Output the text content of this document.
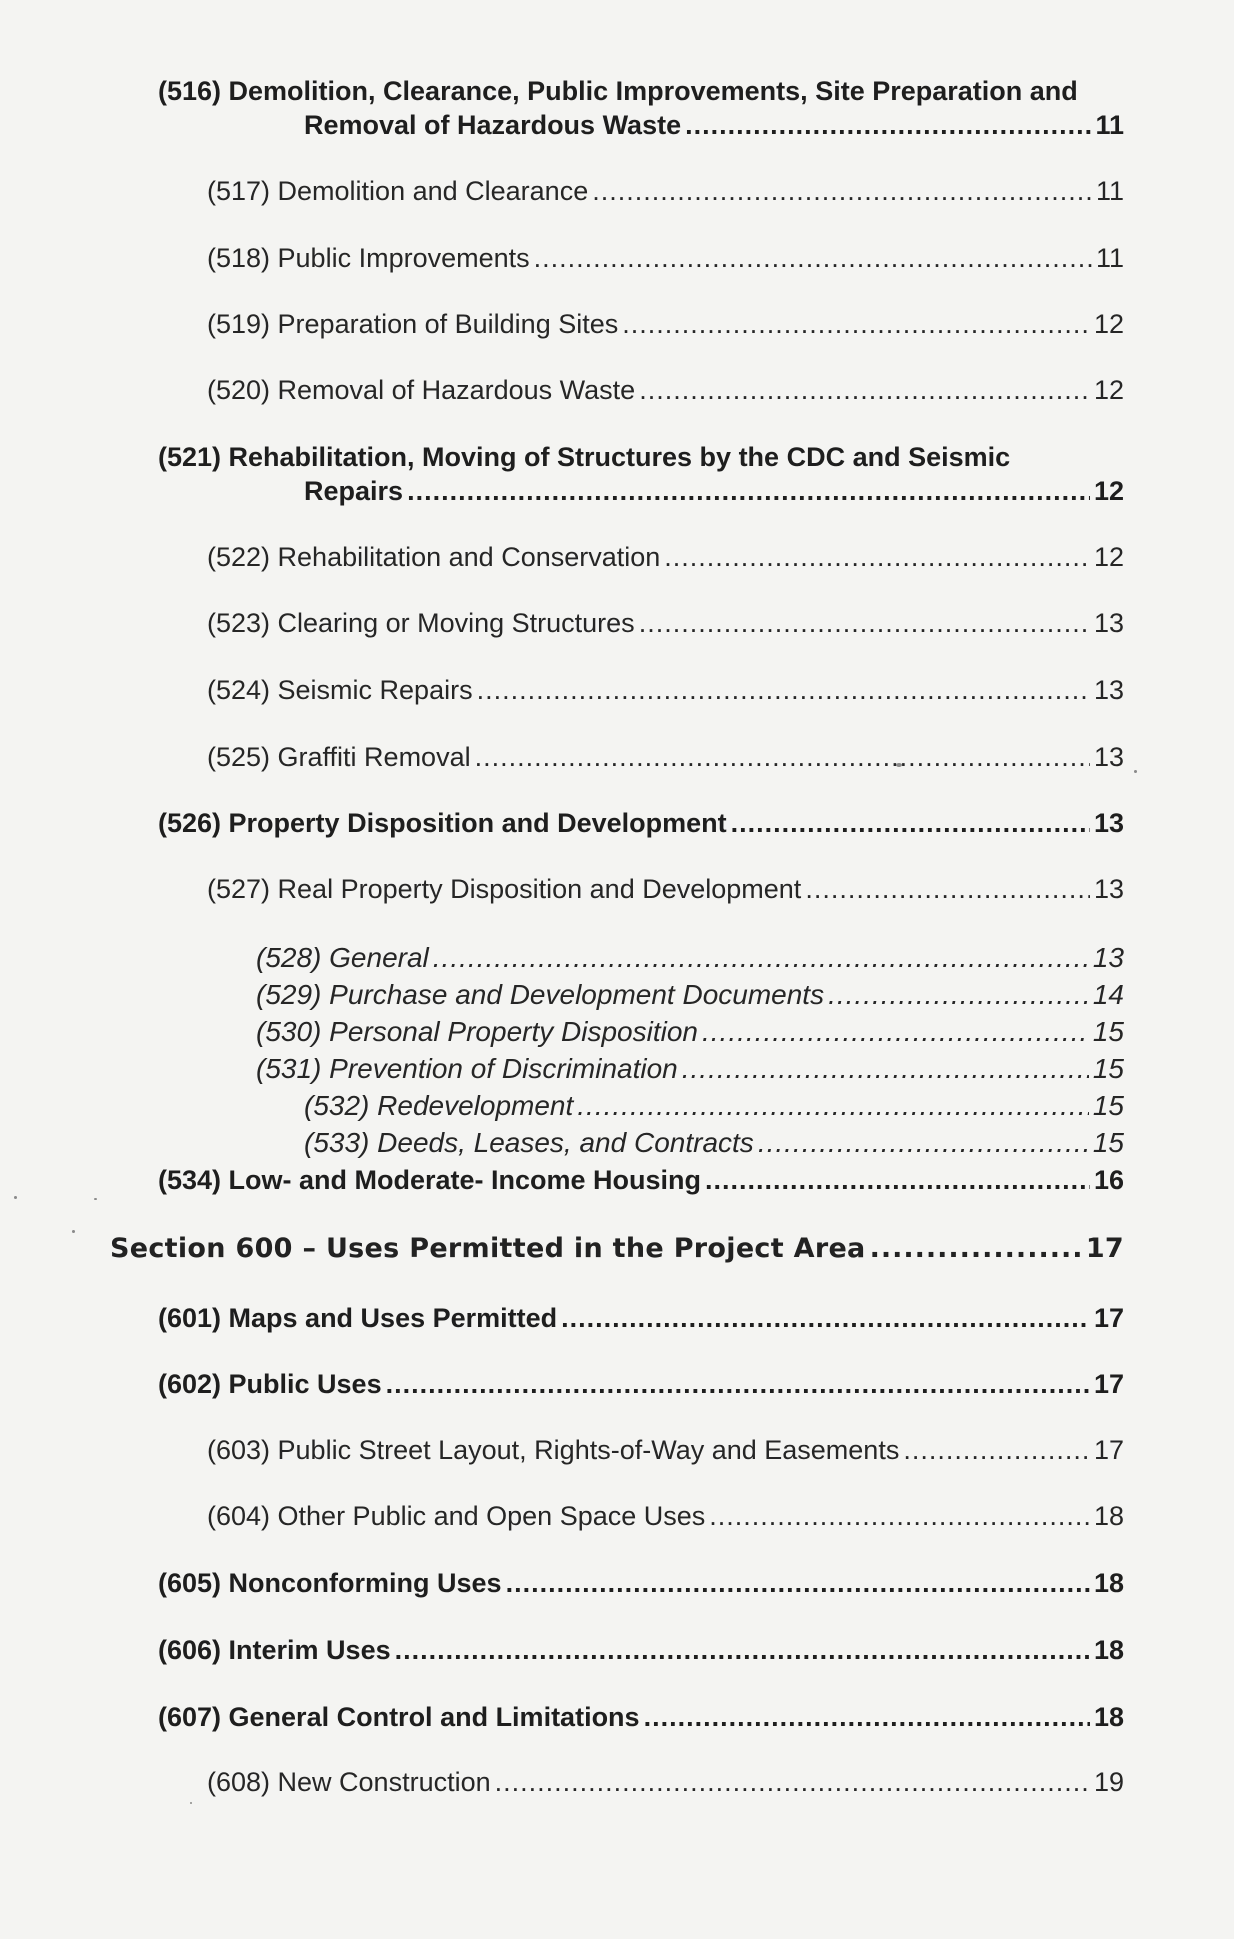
(516) Demolition, Clearance, Public Improvements, Site Preparation and
Removal of Hazardous Waste .....	11
(517) Demolition and Clearance .....	11
(518) Public Improvements .....	11
(519) Preparation of Building Sites .....	12
(520) Removal of Hazardous Waste .....	12
(521) Rehabilitation, Moving of Structures by the CDC and Seismic
Repairs .....	12
(522) Rehabilitation and Conservation .....	12
(523) Clearing or Moving Structures .....	13
(524) Seismic Repairs .....	13
(525) Graffiti Removal .....	13
(526) Property Disposition and Development .....	13
(527) Real Property Disposition and Development .....	13
(528) General .....	13
(529) Purchase and Development Documents .....	14
(530) Personal Property Disposition .....	15
(531) Prevention of Discrimination .....	15
(532) Redevelopment .....	15
(533) Deeds, Leases, and Contracts .....	15
(534) Low- and Moderate- Income Housing .....	16
Section 600 – Uses Permitted in the Project Area .....	17
(601) Maps and Uses Permitted .....	17
(602) Public Uses .....	17
(603) Public Street Layout, Rights-of-Way and Easements .....	17
(604) Other Public and Open Space Uses .....	18
(605) Nonconforming Uses .....	18
(606) Interim Uses .....	18
(607) General Control and Limitations .....	18
(608) New Construction .....	19
